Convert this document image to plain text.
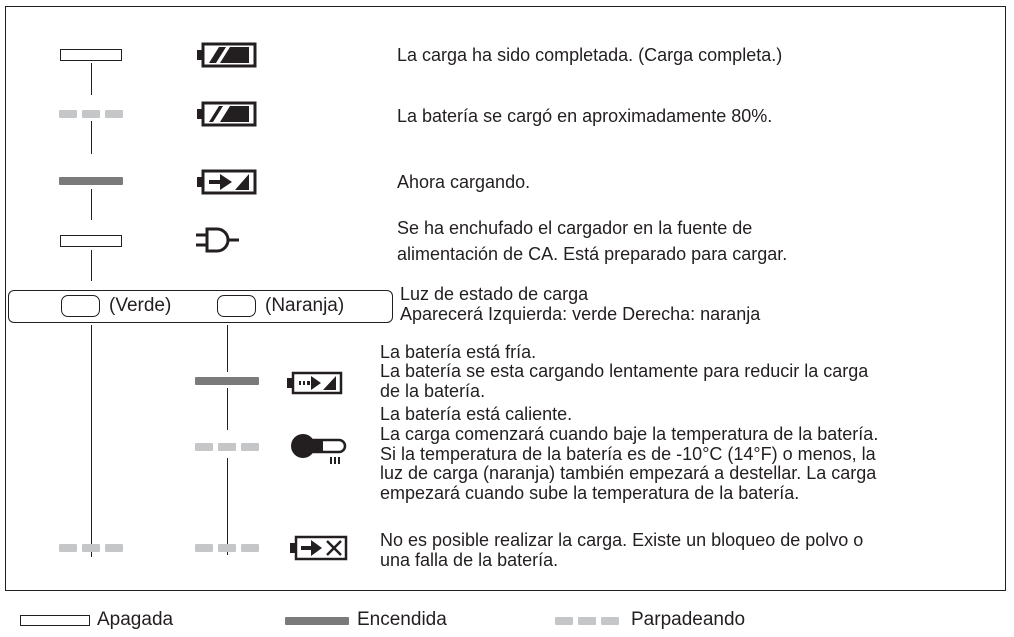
La carga ha sido completada. (Carga completa.)
La batería se cargó en aproximadamente 80%.
Ahora cargando.
Se ha enchufado el cargador en la fuente de
alimentación de CA. Está preparado para cargar.
(Verde)	(Naranja)
Luz de estado de carga
Aparecerá Izquierda: verde Derecha: naranja
La batería está fría.
La batería se esta cargando lentamente para reducir la carga
de la batería.
La batería está caliente.
La carga comenzará cuando baje la temperatura de la batería.
Si la temperatura de la batería es de -10°C (14°F) o menos, la
luz de carga (naranja) también empezará a destellar. La carga
empezará cuando sube la temperatura de la batería.
No es posible realizar la carga. Existe un bloqueo de polvo o
una falla de la batería.
Apagada	Encendida	Parpadeando
